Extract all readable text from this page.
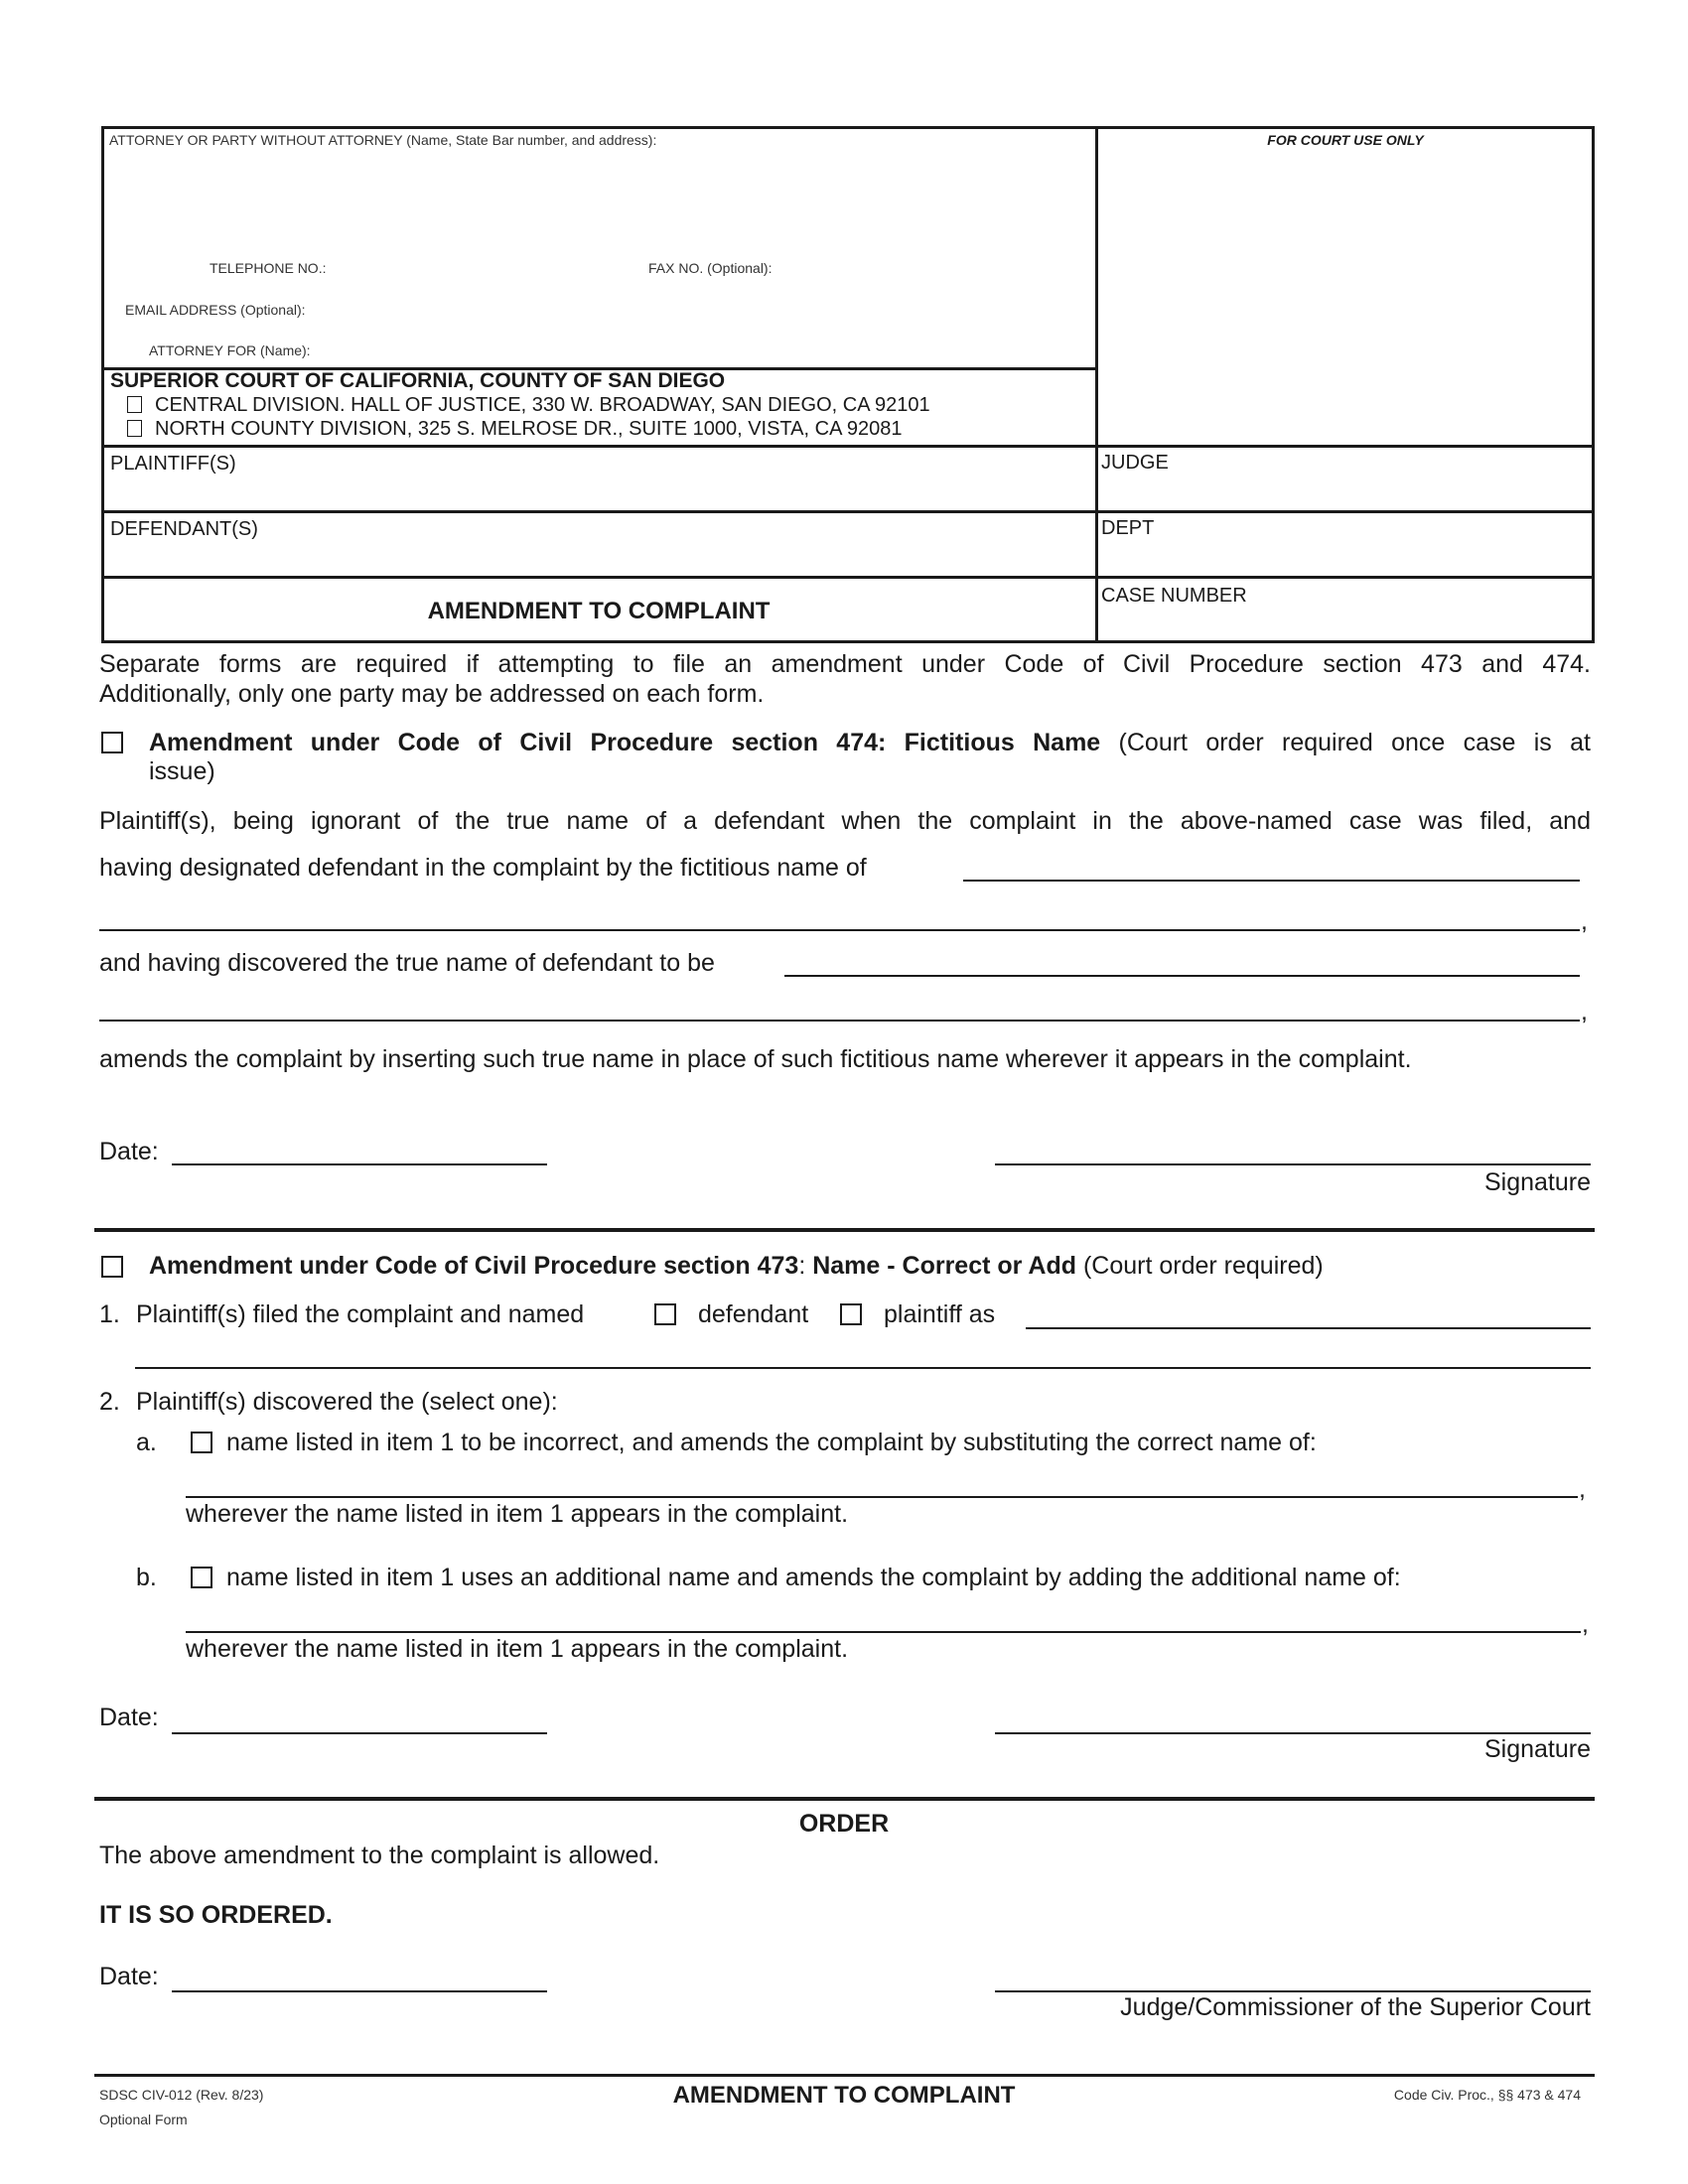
ATTORNEY OR PARTY WITHOUT ATTORNEY (Name, State Bar number, and address):
TELEPHONE NO.:	FAX NO. (Optional):
EMAIL ADDRESS (Optional):
ATTORNEY FOR (Name):
FOR COURT USE ONLY
SUPERIOR COURT OF CALIFORNIA, COUNTY OF SAN DIEGO
CENTRAL DIVISION. HALL OF JUSTICE, 330 W. BROADWAY, SAN DIEGO, CA 92101
NORTH COUNTY DIVISION, 325 S. MELROSE DR., SUITE 1000, VISTA, CA 92081
PLAINTIFF(S)
DEFENDANT(S)
JUDGE
DEPT
CASE NUMBER
AMENDMENT TO COMPLAINT
Separate forms are required if attempting to file an amendment under Code of Civil Procedure section 473 and 474.
Additionally, only one party may be addressed on each form.
Amendment under Code of Civil Procedure section 474: Fictitious Name (Court order required once case is at
issue)
Plaintiff(s), being ignorant of the true name of a defendant when the complaint in the above-named case was filed, and
having designated defendant in the complaint by the fictitious name of
,
and having discovered the true name of defendant to be
,
amends the complaint by inserting such true name in place of such fictitious name wherever it appears in the complaint.
Date:
Signature
Amendment under Code of Civil Procedure section 473: Name - Correct or Add (Court order required)
1. Plaintiff(s) filed the complaint and named	defendant	plaintiff as
2. Plaintiff(s) discovered the (select one):
a.	name listed in item 1 to be incorrect, and amends the complaint by substituting the correct name of:
,
wherever the name listed in item 1 appears in the complaint.
b.	name listed in item 1 uses an additional name and amends the complaint by adding the additional name of:
,
wherever the name listed in item 1 appears in the complaint.
Date:
Signature
ORDER
The above amendment to the complaint is allowed.
IT IS SO ORDERED.
Date:
Judge/Commissioner of the Superior Court
SDSC CIV-012 (Rev. 8/23)
Optional Form
AMENDMENT TO COMPLAINT	Code Civ. Proc., §§ 473 & 474
